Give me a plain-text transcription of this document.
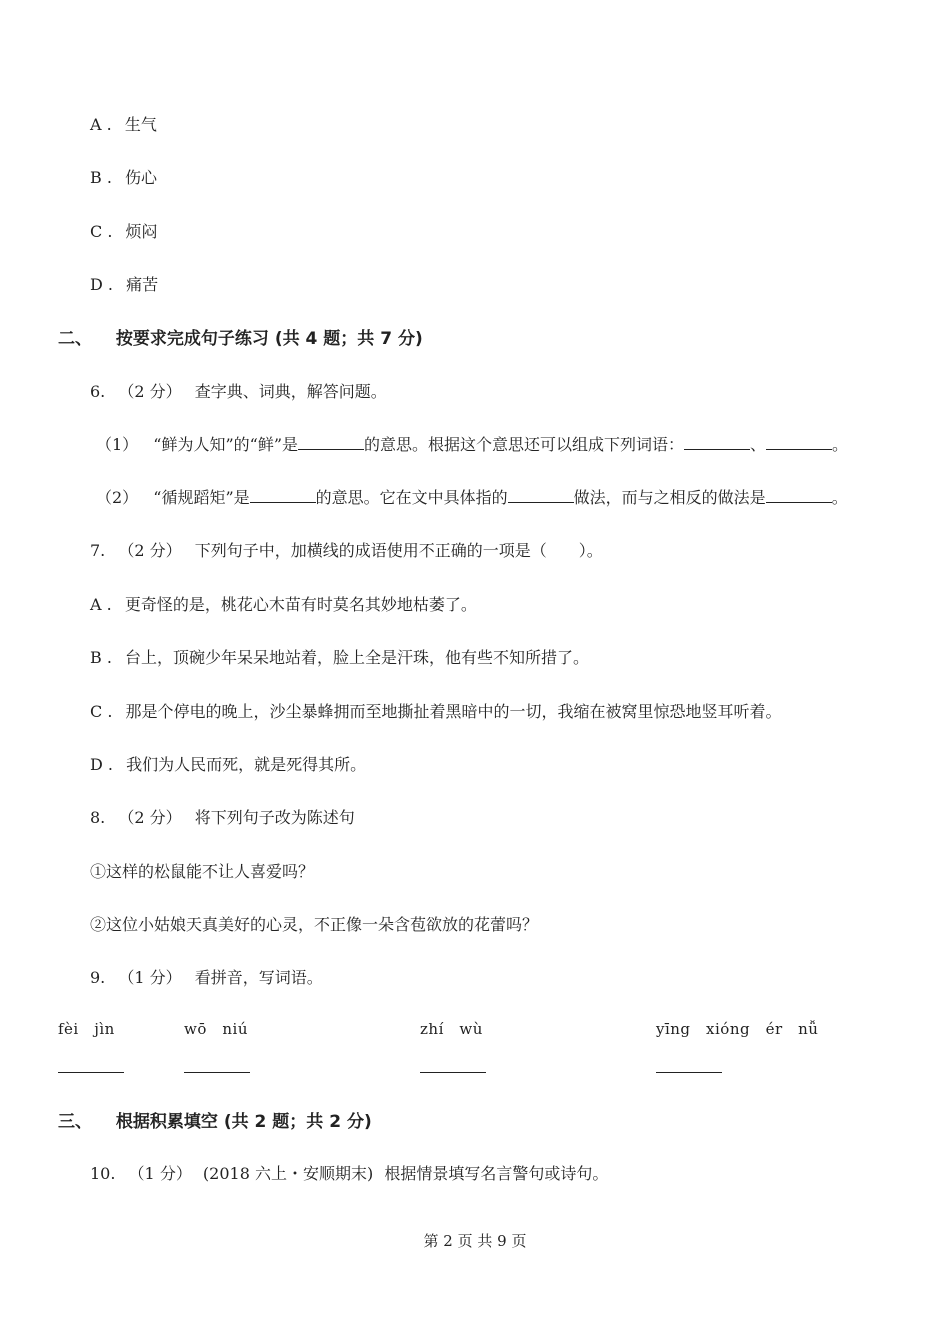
A . 生气
B . 伤心
C . 烦闷
D . 痛苦
二、 按要求完成句子练习 (共 4 题；共 7 分)
6. （2 分） 查字典、词典，解答问题。
（1） “鲜为人知”的“鲜”是	的意思。根据这个意思还可以组成下列词语：	、	。
（2） “循规蹈矩”是	的意思。它在文中具体指的	做法，而与之相反的做法是	。
7. （2 分） 下列句子中，加横线的成语使用不正确的一项是（　　）。
A . 更奇怪的是，桃花心木苗有时莫名其妙地枯萎了。
B . 台上，顶碗少年呆呆地站着，脸上全是汗珠，他有些不知所措了。
C . 那是个停电的晚上，沙尘暴蜂拥而至地撕扯着黑暗中的一切，我缩在被窝里惊恐地竖耳听着。
D . 我们为人民而死，就是死得其所。
8. （2 分） 将下列句子改为陈述句
①这样的松鼠能不让人喜爱吗？
②这位小姑娘天真美好的心灵，不正像一朵含苞欲放的花蕾吗？
9. （1 分） 看拼音，写词语。
fèi　jìn	wō　niú	zhí　wù	yīng　xióng　ér　nǚ
三、 根据积累填空 (共 2 题；共 2 分)
10. （1 分） (2018 六上・安顺期末) 根据情景填写名言警句或诗句。
第 2 页 共 9 页
